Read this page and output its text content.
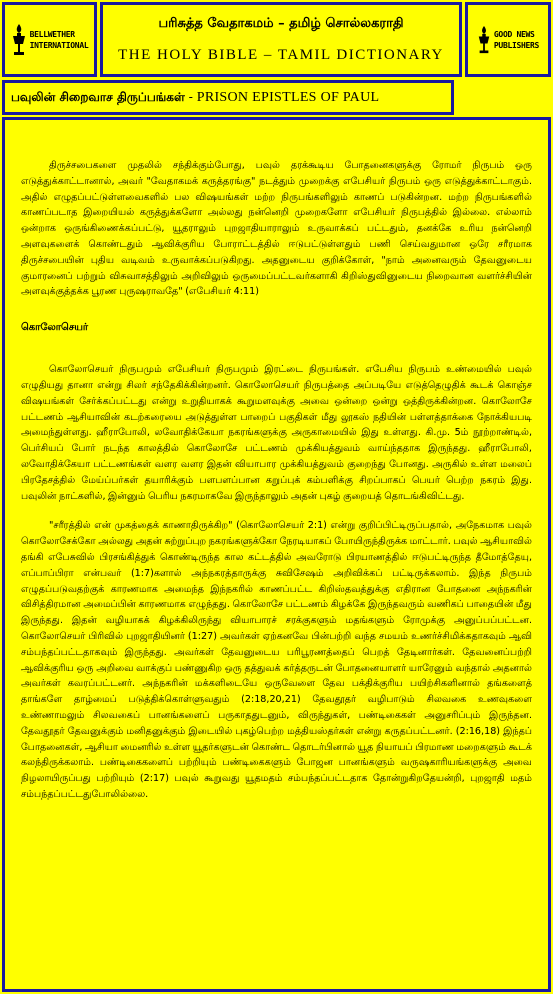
BELLWETHER
INTERNATIONAL
பரிசுத்த வேதாகமம் – தமிழ் சொல்லகராதி
THE HOLY BIBLE – TAMIL DICTIONARY
GOOD NEWS
PUBLISHERS
பவுலின் சிறைவாச திருப்பங்கள் - PRISON EPISTLES OF PAUL

திருச்சபைகளை முதலில் சந்திக்கும்போது, பவுல் தரக்கூடிய போதனைகளுக்கு ரோமர் நிருபம் ஒரு எடுத்துக்காட்டானால், அவர் "வேதாகமக் கருத்தரங்கு" நடத்தும் முறைக்கு எபேசியர் நிருபம் ஒரு எடுத்துக்காட்டாகும். அதில் எழுதப்பட்டுள்ளவைகளில் பல விஷயங்கள் மற்ற நிருபங்களிலும் காணப் படுகின்றன. மற்ற நிருபங்களில் காணப்படாத இறையியல் கருத்துக்களோ அல்லது நன்னெறி முறைகளோ எபேசியர் நிருபத்தில் இல்லை. எல்லாம் ஒன்றாக ஒருங்கிணைக்கப்பட்டு, யூதராலும் புறஜாதியாராலும் உருவாக்கப் பட்டதும், தனக்கே உரிய நன்னெறி அளவுகளைக் கொண்டதும் ஆவிக்குரிய போராட்டத்தில் ஈடுபட்டுள்ளதும் பணி செய்வதுமான ஒரே சரீரமாக திருச்சபையின் புதிய வடிவம் உருவாக்கப்படுகிறது. அதனுடைய குறிக்கோள், "நாம் அனைவரும் தேவனுடைய குமாரனைப் பற்றும் விசுவாசத்திலும் அறிவிலும் ஒருமைப்பட்டவர்களாகி கிறிஸ்துவினுடைய நிறைவான வளர்ச்சியின் அளவுக்குத்தக்க பூரண புருஷராவதே" (எபேசியர் 4:11)

கொலோசெயர்

கொலோசெயர் நிருபமும் எபேசியர் நிருபமும் இரட்டை நிருபங்கள். எபேசிய நிருபம் உண்மையில் பவுல் எழுதியது தானா என்று சிலர் சந்தேகிக்கின்றனர். கொலோசெயர் நிருபத்தை அப்படியே எடுத்தெழுதிக் கூடக் கொஞ்ச விஷயங்கள் சேர்க்கப்பட்டது என்று உறுதியாகக் கூறுமளவுக்கு அவை ஒன்றை ஒன்று ஒத்திருக்கின்றன. கொலோசே பட்டணம் ஆசியாவின் கடற்கரையை அடுத்துள்ள பாறைப் பகுதிகள் மீது லூகஸ் நதியின் பள்ளத்தாக்கை நோக்கியபடி அமைந்துள்ளது. ஹீராபோலி, லவோதிக்கேயா நகரங்களுக்கு அருகாமையில் இது உள்ளது. கி.மு. 5ம் நூற்றாண்டில், பெர்சியப் போர் நடந்த காலத்தில் கொலோசே பட்டணம் முக்கியத்துவம் வாய்ந்ததாக இருந்தது. ஹீராபோலி, லவோதிக்கேயா பட்டணங்கள் வளர வளர இதன் வியாபார முக்கியத்துவம் குறைந்து போனது. அருகில் உள்ள மலைப் பிரதேசத்தில் மேய்ப்பர்கள் தயாரிக்கும் பளபளப்பான கறுப்புக் கம்பளிக்கு சிறப்பாகப் பெயர் பெற்ற நகரம் இது. பவுலின் நாட்களில், இன்னும் பெரிய நகரமாகவே இருந்தாலும் அதன் புகழ் குறையத் தொடங்கிவிட்டது.

"சரீரத்தில் என் முகத்தைக் காணாதிருக்கிற" (கொலோசெயர் 2:1) என்று குறிப்பிட்டிருப்பதால், அநேகமாக பவுல் கொலோசேக்கோ அல்லது அதன் சுற்றுப்புற நகரங்களுக்கோ நேரடியாகப் போயிருந்திருக்க மாட்டார். பவுல் ஆசியாவில் தங்கி எபேசுவில் பிரசங்கித்துக் கொண்டிருந்த கால கட்டத்தில் அவரோடு பிரயாணத்தில் ஈடுபட்டிருந்த தீமோத்தேயு, எப்பாப்பிரா என்பவர் (1:7)களால் அந்நகரத்தாருக்கு சுவிசேஷம் அறிவிக்கப் பட்டிருக்கலாம். இந்த நிருபம் எழுதப்படுவதற்குக் காரணமாக அமைந்த இந்நகரில் காணப்பட்ட கிறிஸ்தவத்துக்கு எதிரான போதனை அந்நகரின் விசித்திரமான அமைப்பின் காரணமாக எழுந்தது. கொலோசே பட்டணம் கிழக்கே இருந்தவரும் வணிகப் பாதையின் மீது இருந்தது. இதன் வழியாகக் கிழக்கிலிருந்து வியாபாரச் சரக்குகளும் மதங்களும் ரோமுக்கு அனுப்பப்பட்டன. கொலோசெயர் பிரிவில் புறஜாதியினர் (1:27) அவர்கள் ஏற்கனவே பின்பற்றி வந்த சமயம் உணர்ச்சிமிக்கதாகவும் ஆவி சம்பந்தப்பட்டதாகவும் இருந்தது. அவர்கள் தேவனுடைய பரிபூரணத்தைப் பெறத் தேடினார்கள். தேவனைப்பற்றி ஆவிக்குரிய ஒரு அறிவை வாக்குப் பண்ணுகிற ஒரு தத்துவக் கர்த்தருடன் போதனையாளர் யாரேனும் வந்தால் அதனால் அவர்கள் கவரப்பட்டனர். அந்நகரின் மக்களிடையே ஒருவேளை தேவ பக்திக்குரிய பயிற்சிகளினால் தங்களைத் தாங்களே தாழ்மைப் படுத்திக்கொள்ளுவதும் (2:18,20,21) தேவதூதர் வழிபாடும் சிலவகை உணவுகளை உண்ணாமலும் சிலவகைப் பானங்களைப் பருகாததுடனும், விருந்துகள், பண்டிகைகள் அனுசரிப்பும் இருந்தன. தேவதூதர் தேவனுக்கும் மனிதனுக்கும் இடையில் புகழ்பெற்ற மத்தியஸ்தர்கள் என்று கருதப்பட்டனர். (2:16,18) இந்தப் போதனைகள், ஆசியா மைனரில் உள்ள யூதர்களுடன் கொண்ட தொடர்பினால் யூத நியாயப் பிரமாண மறைகளும் கூடக் கலந்திருக்கலாம். பண்டிகைகளைப் பற்றியும் பண்டிகைகளும் போஜன பானங்களும் வருஷகாரியங்களுக்கு அவை நிழலாயிருப்பது பற்றியும் (2:17) பவுல் கூறுவது யூதமதம் சம்பந்தப்பட்டதாக தோன்றுகிறதேயன்றி, புறஜாதி மதம் சம்பந்தப்பட்டதுபோலில்லை.
